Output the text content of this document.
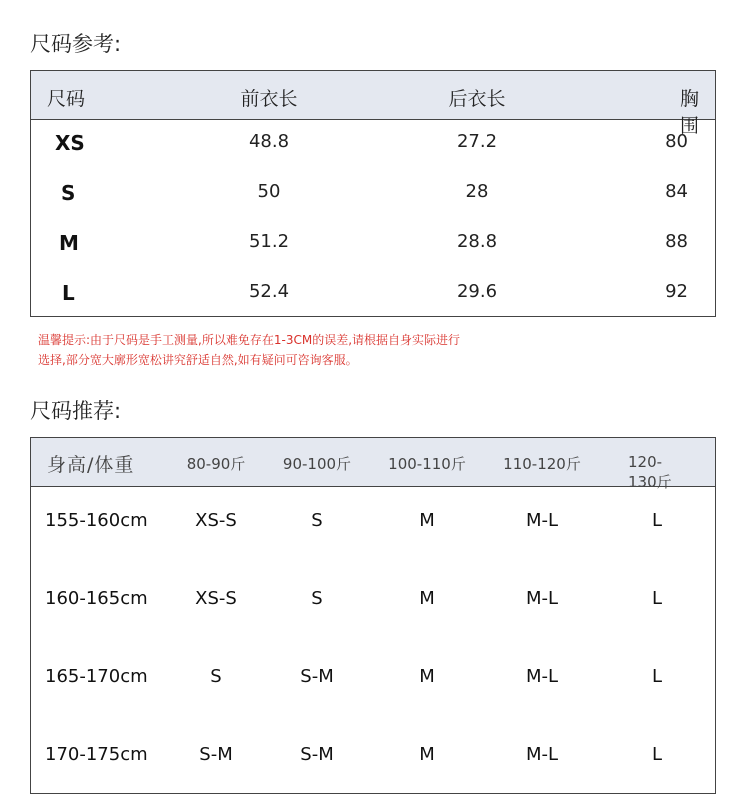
尺码参考:
尺码	前衣长	后衣长	胸围
XS	48.8	27.2	80
S	50	28	84
M	51.2	28.8	88
L	52.4	29.6	92
温馨提示:由于尺码是手工测量,所以难免存在1-3CM的误差,请根据自身实际进行
选择,部分宽大廓形宽松讲究舒适自然,如有疑问可咨询客服。
尺码推荐:
身高/体重	80-90斤	90-100斤 100-110斤 110-120斤	120-130斤
155-160cm	XS-S	S	M	M-L	L
160-165cm	XS-S	S	M	M-L	L
165-170cm	S	S-M	M	M-L	L
170-175cm	S-M	S-M	M	M-L	L
